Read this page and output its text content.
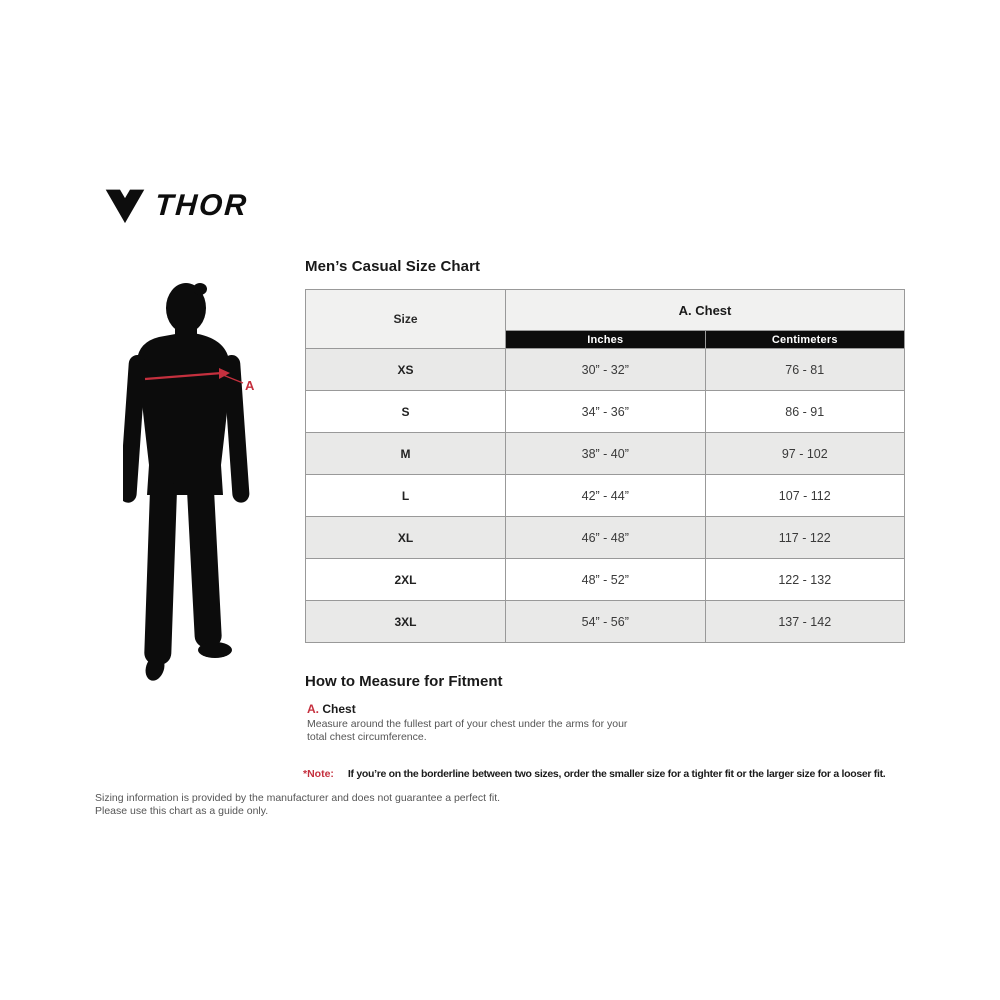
THOR
A
Men’s Casual Size Chart
Size	A. Chest	
	Inches	Centimeters
XS	30” - 32”	76 - 81
S	34” - 36”	86 - 91
M	38” - 40”	97 - 102
L	42” - 44”	107 - 112
XL	46” - 48”	117 - 122
2XL	48” - 52”	122 - 132
3XL	54” - 56”	137 - 142
How to Measure for Fitment
A. Chest
Measure around the fullest part of your chest under the arms for your
total chest circumference.
*Note: If you’re on the borderline between two sizes, order the smaller size for a tighter fit or the larger size for a looser fit.
Sizing information is provided by the manufacturer and does not guarantee a perfect fit.
Please use this chart as a guide only.
